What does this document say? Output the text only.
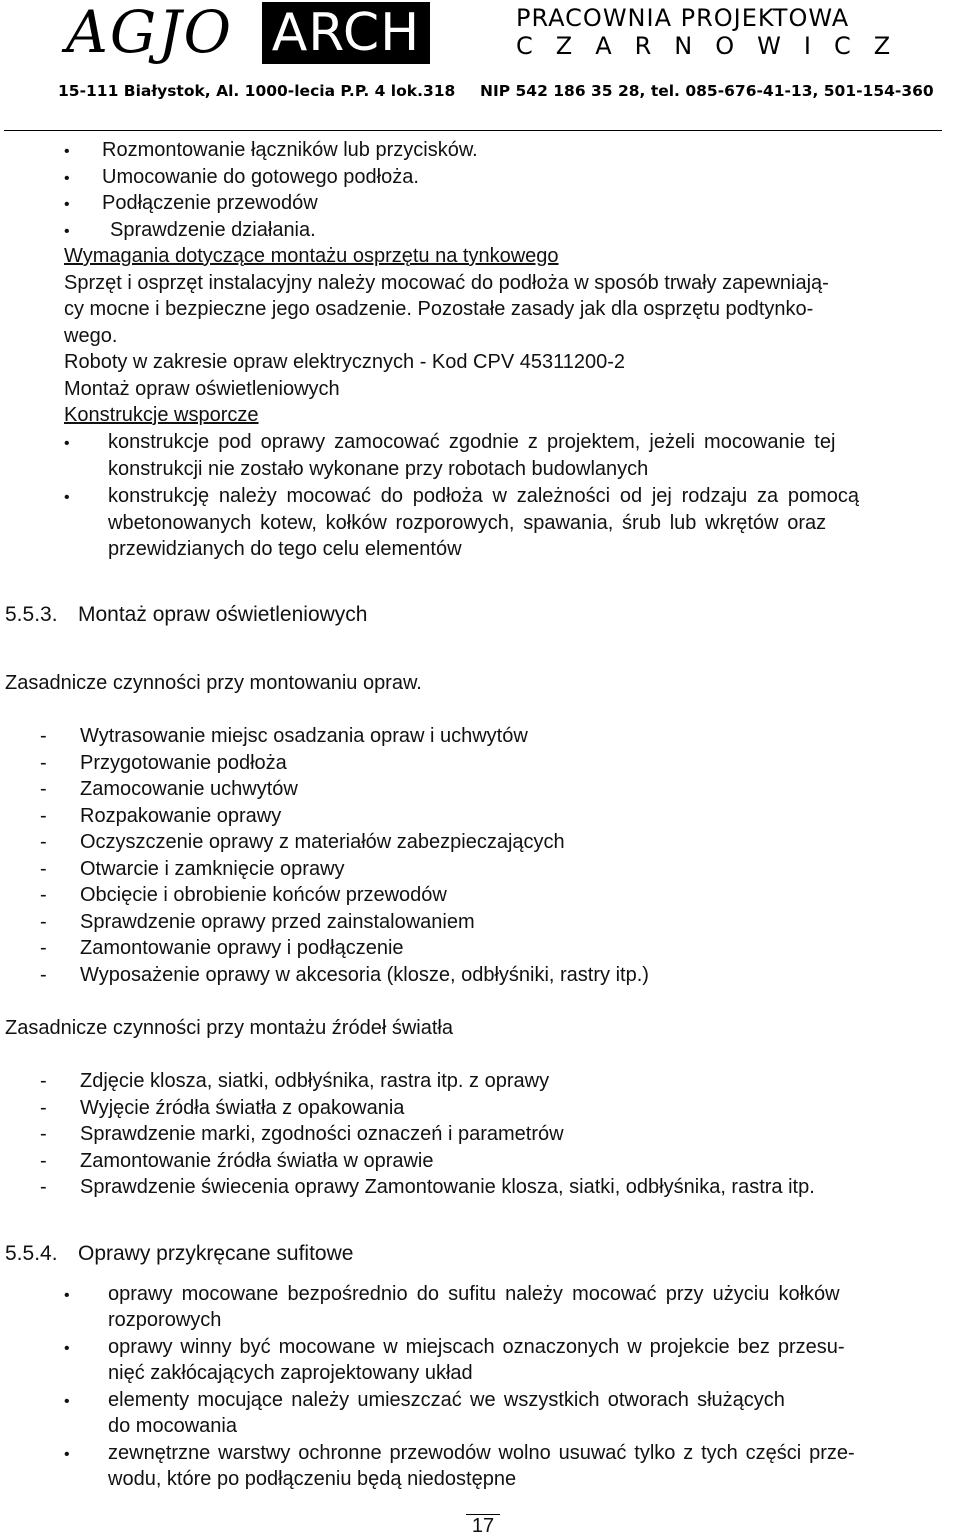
AGJO ARCH	PRACOWNIA PROJEKTOWA
CZARNOWICZ
15-111 Białystok, Al. 1000-lecia P.P. 4 lok.318 NIP 542 186 35 28, tel. 085-676-41-13, 501-154-360
• Rozmontowanie łączników lub przycisków.
• Umocowanie do gotowego podłoża.
• Podłączenie przewodów
• Sprawdzenie działania.
Wymagania dotyczące montażu osprzętu na tynkowego
Sprzęt i osprzęt instalacyjny należy mocować do podłoża w sposób trwały zapewniają-
cy mocne i bezpieczne jego osadzenie. Pozostałe zasady jak dla osprzętu podtynko-
wego.
Roboty w zakresie opraw elektrycznych - Kod CPV 45311200-2
Montaż opraw oświetleniowych
Konstrukcje wsporcze
• konstrukcje pod oprawy zamocować zgodnie z projektem, jeżeli mocowanie tej
konstrukcji nie zostało wykonane przy robotach budowlanych
• konstrukcję należy mocować do podłoża w zależności od jej rodzaju za pomocą
wbetonowanych kotew, kołków rozporowych, spawania, śrub lub wkrętów oraz
przewidzianych do tego celu elementów
5.5.3. Montaż opraw oświetleniowych
Zasadnicze czynności przy montowaniu opraw.
- Wytrasowanie miejsc osadzania opraw i uchwytów
- Przygotowanie podłoża
- Zamocowanie uchwytów
- Rozpakowanie oprawy
- Oczyszczenie oprawy z materiałów zabezpieczających
- Otwarcie i zamknięcie oprawy
- Obcięcie i obrobienie końców przewodów
- Sprawdzenie oprawy przed zainstalowaniem
- Zamontowanie oprawy i podłączenie
- Wyposażenie oprawy w akcesoria (klosze, odbłyśniki, rastry itp.)
Zasadnicze czynności przy montażu źródeł światła
- Zdjęcie klosza, siatki, odbłyśnika, rastra itp. z oprawy
- Wyjęcie źródła światła z opakowania
- Sprawdzenie marki, zgodności oznaczeń i parametrów
- Zamontowanie źródła światła w oprawie
- Sprawdzenie świecenia oprawy Zamontowanie klosza, siatki, odbłyśnika, rastra itp.
5.5.4. Oprawy przykręcane sufitowe
• oprawy mocowane bezpośrednio do sufitu należy mocować przy użyciu kołków
rozporowych
• oprawy winny być mocowane w miejscach oznaczonych w projekcie bez przesu-
nięć zakłócających zaprojektowany układ
• elementy mocujące należy umieszczać we wszystkich otworach służących
do mocowania
• zewnętrzne warstwy ochronne przewodów wolno usuwać tylko z tych części prze-
wodu, które po podłączeniu będą niedostępne
17
